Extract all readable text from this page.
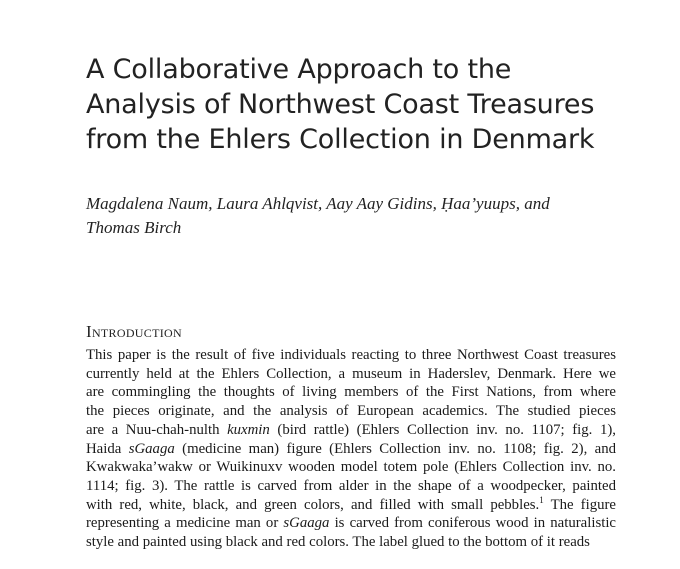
A Collaborative Approach to the
Analysis of Northwest Coast Treasures
from the Ehlers Collection in Denmark
Magdalena Naum, Laura Ahlqvist, Aay Aay Gidins, Ḥaa’yuups, and
Thomas Birch
Introduction
This paper is the result of five individuals reacting to three Northwest Coast treasures
currently held at the Ehlers Collection, a museum in Haderslev, Denmark. Here we
are commingling the thoughts of living members of the First Nations, from where
the pieces originate, and the analysis of European academics. The studied pieces
are a Nuu-chah-nulth kuxmin (bird rattle) (Ehlers Collection inv. no. 1107; fig. 1),
Haida sGaaga (medicine man) figure (Ehlers Collection inv. no. 1108; fig. 2), and
Kwakwaka’wakw or Wuikinuxv wooden model totem pole (Ehlers Collection inv. no.
1114; fig. 3). The rattle is carved from alder in the shape of a woodpecker, painted
with red, white, black, and green colors, and filled with small pebbles.$^1$ The figure
representing a medicine man or sGaaga is carved from coniferous wood in naturalistic
style and painted using black and red colors. The label glued to the bottom of it reads
